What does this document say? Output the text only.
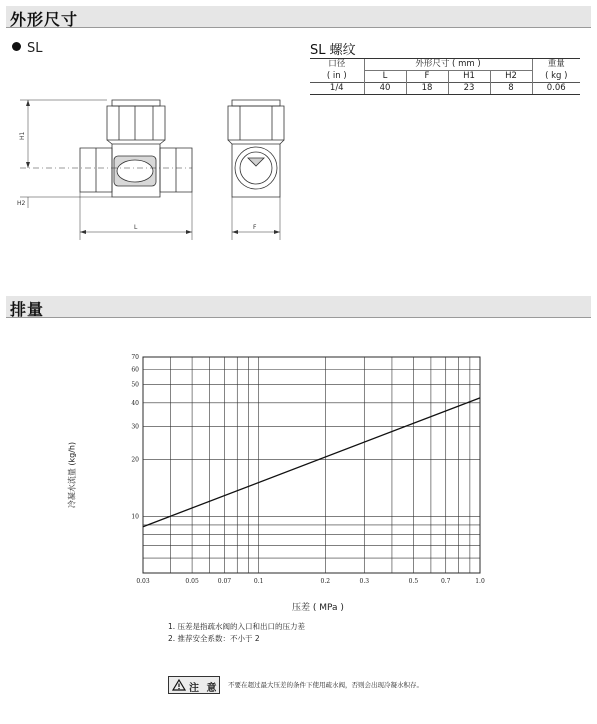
外形尺寸
SL
H1
H2
L	F
SL 螺纹
口径	外形尺寸 ( mm )				重量
( in )	L	F	H1	H2	( kg )
1/4	40	18	23	8	0.06
排量
0.03	0.05	0.07	0.1	0.2	0.3	0.5	0.7	1.0
10
20
30
40
50
60
70
冷凝水流量 (kg/h)
压差 ( MPa )
1. 压差是指疏水阀的入口和出口的压力差
2. 推荐安全系数：不小于 2
注 意 不要在超过最大压差的条件下使用疏水阀，否则会出现冷凝水积存。
